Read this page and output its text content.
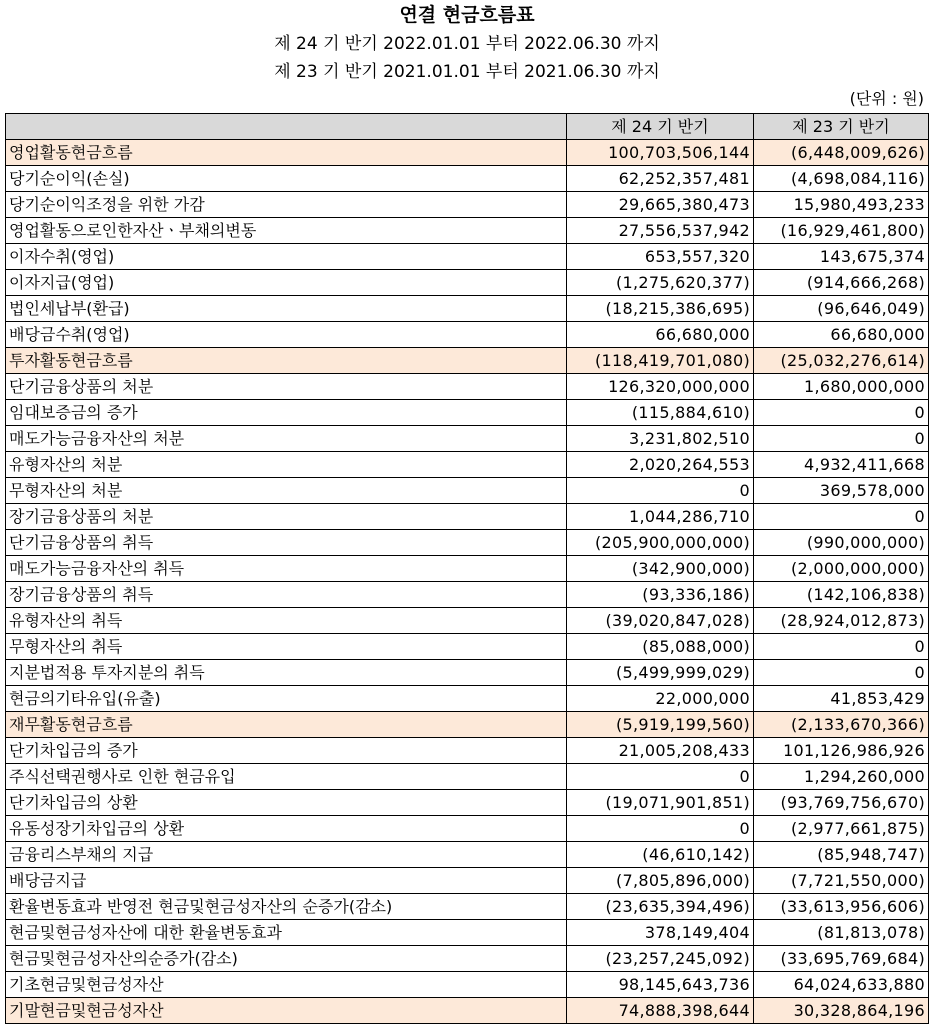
연결 현금흐름표
제 24 기 반기 2022.01.01 부터 2022.06.30 까지
제 23 기 반기 2021.01.01 부터 2021.06.30 까지
(단위 : 원)
	제 24 기 반기	제 23 기 반기
영업활동현금흐름	100,703,506,144	(6,448,009,626)
당기순이익(손실)	62,252,357,481	(4,698,084,116)
당기순이익조정을 위한 가감	29,665,380,473	15,980,493,233
영업활동으로인한자산ㆍ부채의변동	27,556,537,942	(16,929,461,800)
이자수취(영업)	653,557,320	143,675,374
이자지급(영업)	(1,275,620,377)	(914,666,268)
법인세납부(환급)	(18,215,386,695)	(96,646,049)
배당금수취(영업)	66,680,000	66,680,000
투자활동현금흐름	(118,419,701,080)	(25,032,276,614)
단기금융상품의 처분	126,320,000,000	1,680,000,000
임대보증금의 증가	(115,884,610)	0
매도가능금융자산의 처분	3,231,802,510	0
유형자산의 처분	2,020,264,553	4,932,411,668
무형자산의 처분	0	369,578,000
장기금융상품의 처분	1,044,286,710	0
단기금융상품의 취득	(205,900,000,000)	(990,000,000)
매도가능금융자산의 취득	(342,900,000)	(2,000,000,000)
장기금융상품의 취득	(93,336,186)	(142,106,838)
유형자산의 취득	(39,020,847,028)	(28,924,012,873)
무형자산의 취득	(85,088,000)	0
지분법적용 투자지분의 취득	(5,499,999,029)	0
현금의기타유입(유출)	22,000,000	41,853,429
재무활동현금흐름	(5,919,199,560)	(2,133,670,366)
단기차입금의 증가	21,005,208,433	101,126,986,926
주식선택권행사로 인한 현금유입	0	1,294,260,000
단기차입금의 상환	(19,071,901,851)	(93,769,756,670)
유동성장기차입금의 상환	0	(2,977,661,875)
금융리스부채의 지급	(46,610,142)	(85,948,747)
배당금지급	(7,805,896,000)	(7,721,550,000)
환율변동효과 반영전 현금및현금성자산의 순증가(감소)	(23,635,394,496)	(33,613,956,606)
현금및현금성자산에 대한 환율변동효과	378,149,404	(81,813,078)
현금및현금성자산의순증가(감소)	(23,257,245,092)	(33,695,769,684)
기초현금및현금성자산	98,145,643,736	64,024,633,880
기말현금및현금성자산	74,888,398,644	30,328,864,196
